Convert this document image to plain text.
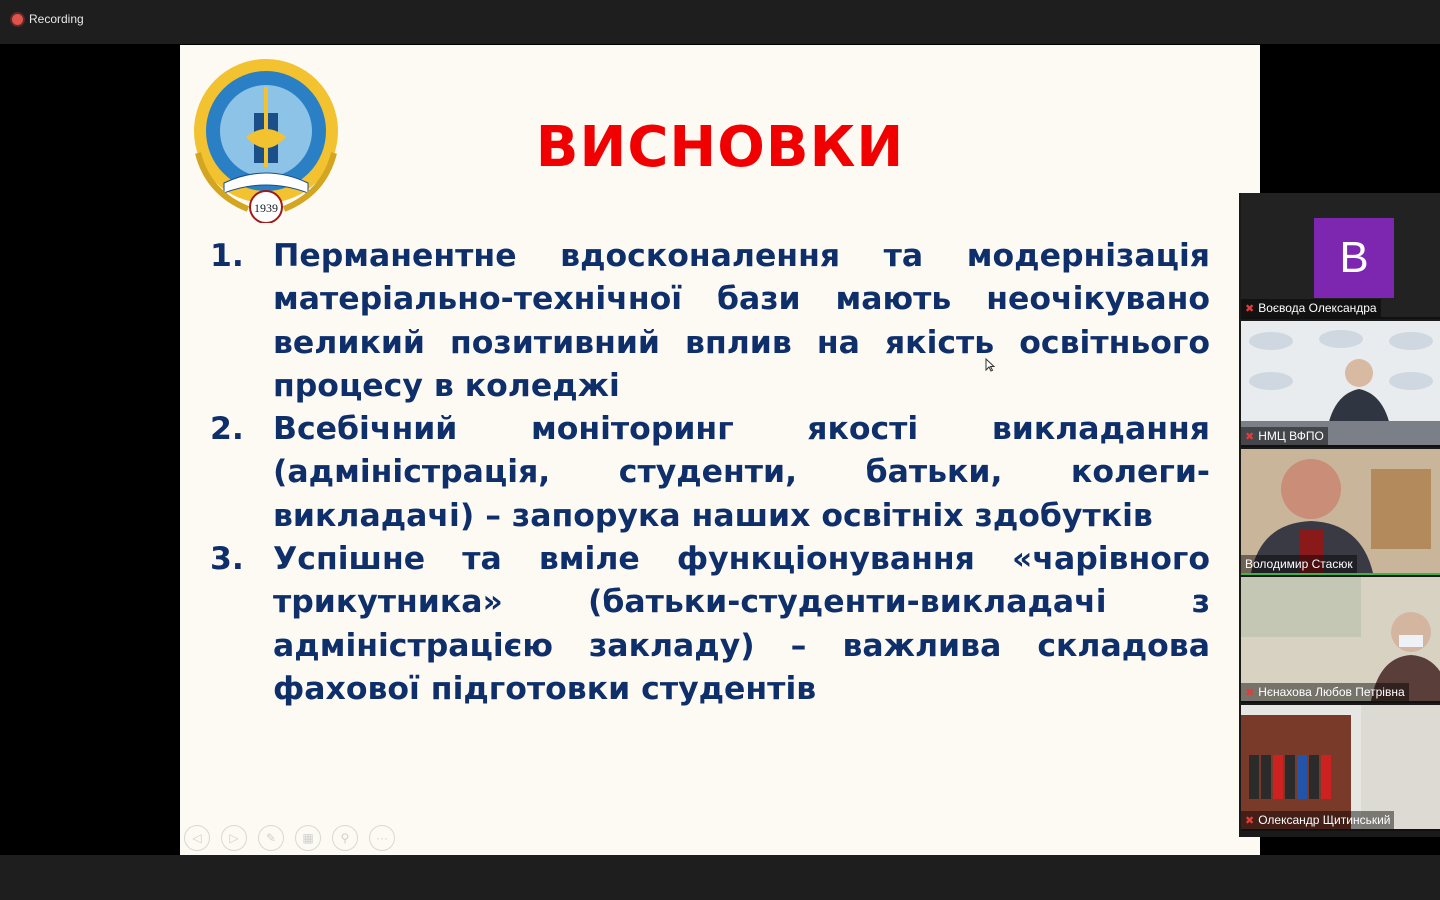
Recording
1939
ВИСНОВКИ
1. Перманентне вдосконалення та модернізація матеріально-технічної бази мають неочікувано великий позитивний вплив на якість освітнього процесу в коледжі
2. Всебічний моніторинг якості викладання (адміністрація, студенти, батьки, колеги-викладачі) – запорука наших освітніх здобутків
3. Успішне та вміле функціонування «чарівного трикутника» (батьки-студенти-викладачі з адміністрацією закладу) – важлива складова фахової підготовки студентів
◁	▷	✎	▦	⚲	···
B
✖ Воєвода Олександра
✖ НМЦ ВФПО
Володимир Стасюк
✖ Нєнахова Любов Петрівна
✖ Олександр Щитинський
